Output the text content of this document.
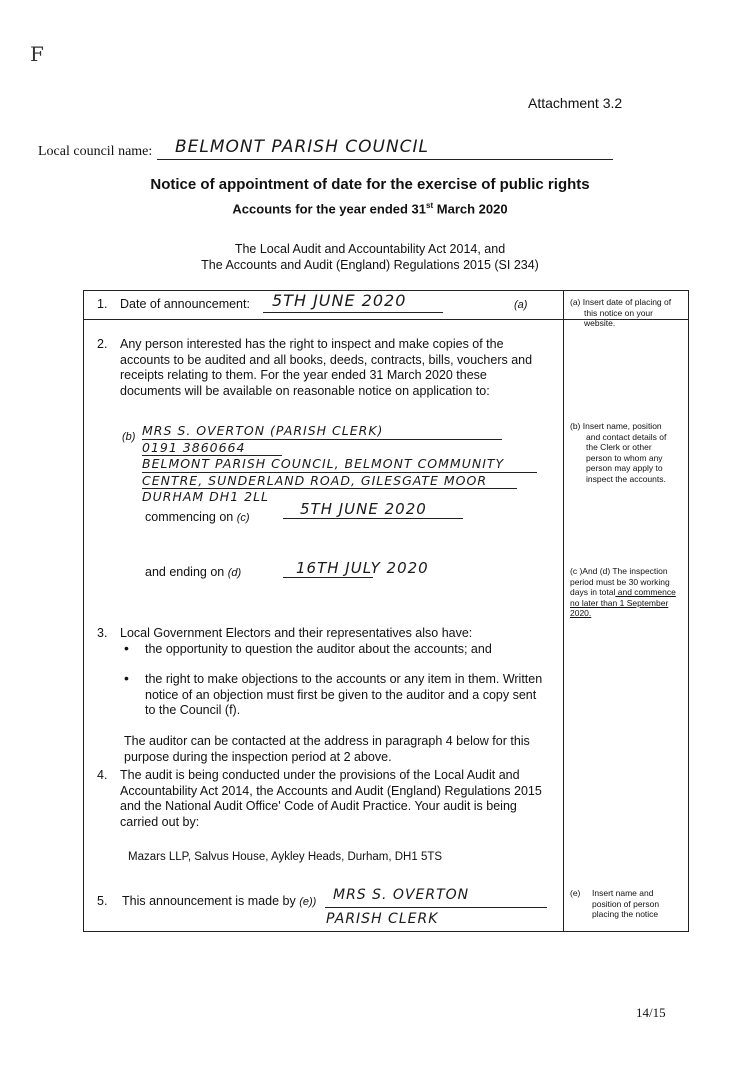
F
Attachment 3.2
Local council name: BELMONT PARISH COUNCIL
Notice of appointment of date for the exercise of public rights
Accounts for the year ended 31st March 2020
The Local Audit and Accountability Act 2014, and
The Accounts and Audit (England) Regulations 2015 (SI 234)
1. Date of announcement: 5TH JUNE 2020	(a)	(a) Insert date of placing of
this notice on your
website.
2. Any person interested has the right to inspect and make copies of the
accounts to be audited and all books, deeds, contracts, bills, vouchers and
receipts relating to them. For the year ended 31 March 2020 these
documents will be available on reasonable notice on application to:
(b) MRS S. OVERTON (PARISH CLERK)
0191 3860664
BELMONT PARISH COUNCIL, BELMONT COMMUNITY
CENTRE, SUNDERLAND ROAD, GILESGATE MOOR
DURHAM DH1 2LL
commencing on (c)	5TH JUNE 2020
and ending on (d)	16TH JULY 2020
(b) Insert name, position
and contact details of
the Clerk or other
person to whom any
person may apply to
inspect the accounts.
(c )And (d) The inspection
period must be 30 working
days in total and commence
no later than 1 September
2020.
3. Local Government Electors and their representatives also have:
• the opportunity to question the auditor about the accounts; and
• the right to make objections to the accounts or any item in them. Written
notice of an objection must first be given to the auditor and a copy sent
to the Council (f).
The auditor can be contacted at the address in paragraph 4 below for this
purpose during the inspection period at 2 above.
4. The audit is being conducted under the provisions of the Local Audit and
Accountability Act 2014, the Accounts and Audit (England) Regulations 2015
and the National Audit Office' Code of Audit Practice. Your audit is being
carried out by:
Mazars LLP, Salvus House, Aykley Heads, Durham, DH1 5TS
5. This announcement is made by (e)) MRS S. OVERTON
PARISH CLERK
(e)	Insert name and
position of person
placing the notice
14/15
